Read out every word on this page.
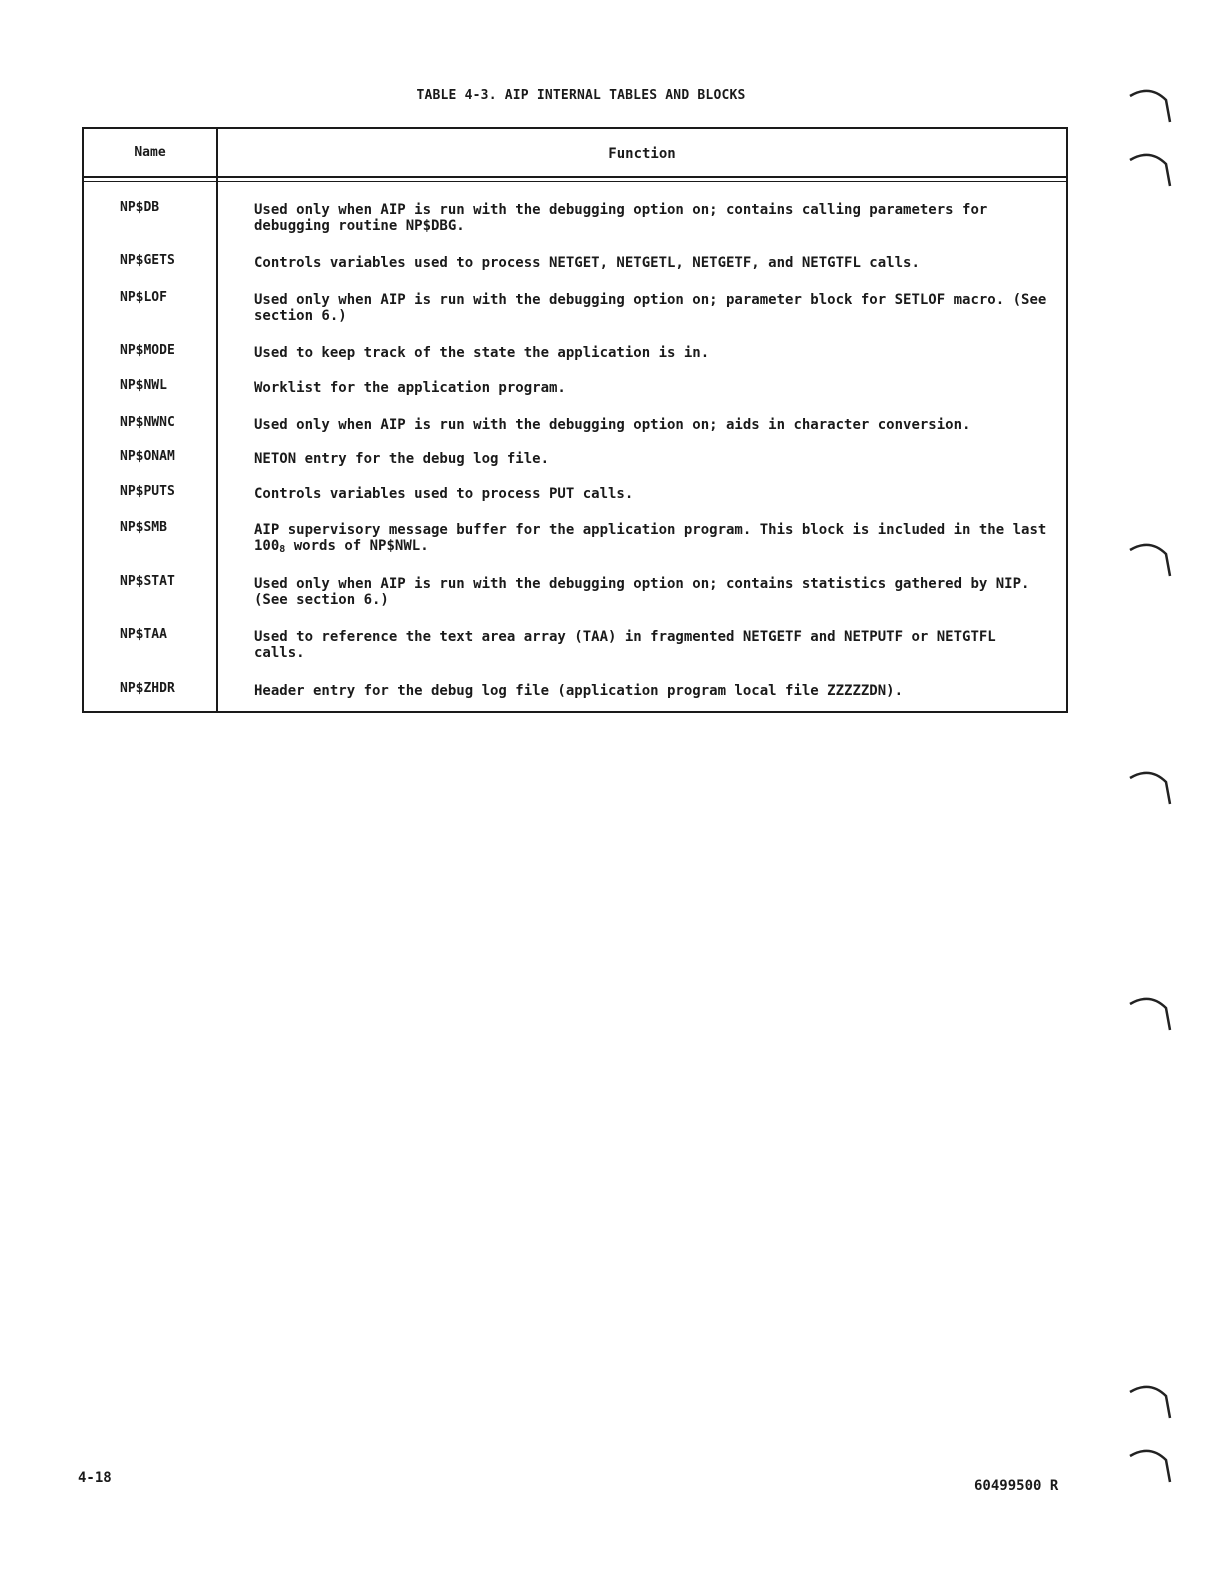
TABLE 4-3. AIP INTERNAL TABLES AND BLOCKS
Name	Function
NP$DB	Used only when AIP is run with the debugging option on; contains calling parameters for debugging routine NP$DBG.
NP$GETS	Controls variables used to process NETGET, NETGETL, NETGETF, and NETGTFL calls.
NP$LOF	Used only when AIP is run with the debugging option on; parameter block for SETLOF macro. (See section 6.)
NP$MODE	Used to keep track of the state the application is in.
NP$NWL	Worklist for the application program.
NP$NWNC	Used only when AIP is run with the debugging option on; aids in character conversion.
NP$ONAM	NETON entry for the debug log file.
NP$PUTS	Controls variables used to process PUT calls.
NP$SMB	AIP supervisory message buffer for the application program. This block is included in the last $100_8$ words of NP$NWL.
NP$STAT	Used only when AIP is run with the debugging option on; contains statistics gathered by NIP. (See section 6.)
NP$TAA	Used to reference the text area array (TAA) in fragmented NETGETF and NETPUTF or NETGTFL calls.
NP$ZHDR	Header entry for the debug log file (application program local file ZZZZZDN).
4-18	60499500 R
